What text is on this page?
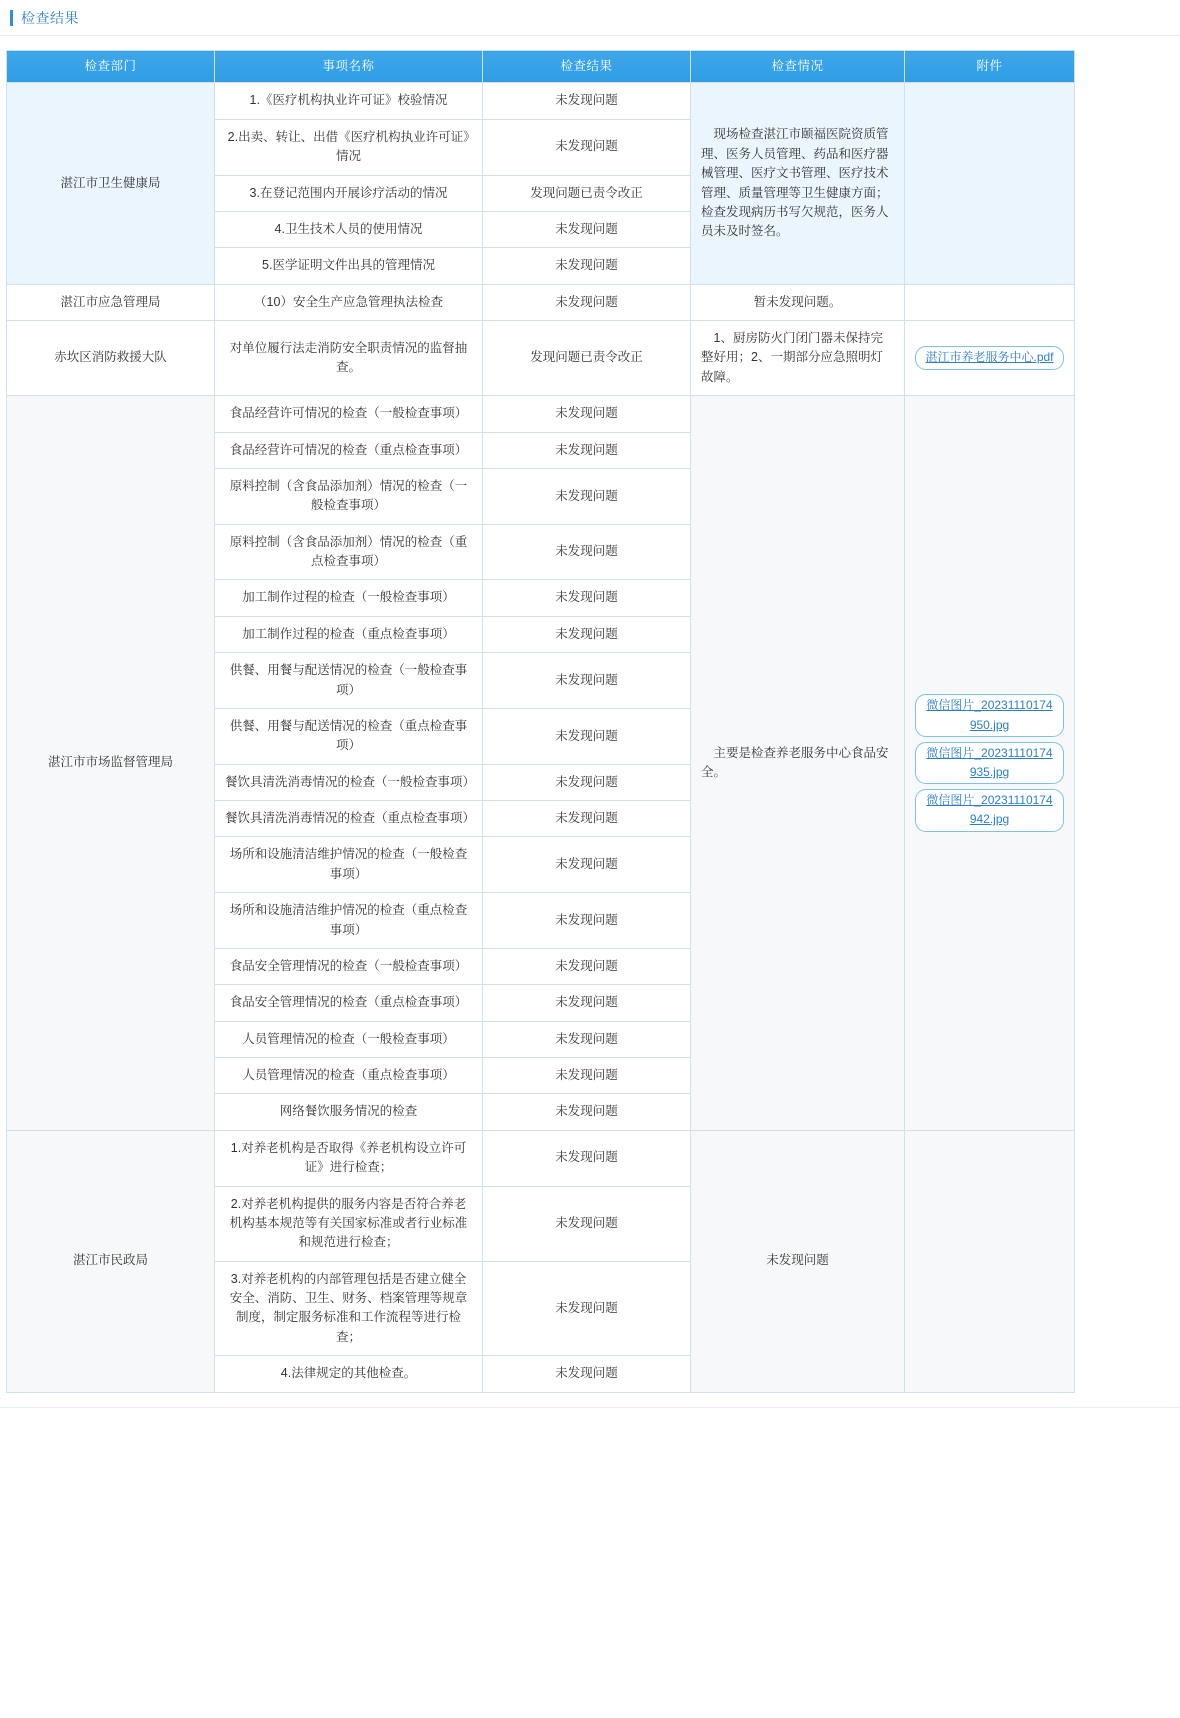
检查结果
检查部门	事项名称	检查结果	检查情况	附件
湛江市卫生健康局	1.《医疗机构执业许可证》校验情况	未发现问题	现场检查湛江市颐福医院资质管理、医务人员管理、药品和医疗器械管理、医疗文书管理、医疗技术管理、质量管理等卫生健康方面；检查发现病历书写欠规范，医务人员未及时签名。	

	2.出卖、转让、出借《医疗机构执业许可证》情况	未发现问题		
	3.在登记范围内开展诊疗活动的情况	发现问题已责令改正		
	4.卫生技术人员的使用情况	未发现问题		
	5.医学证明文件出具的管理情况	未发现问题		
湛江市应急管理局	（10）安全生产应急管理执法检查	未发现问题	暂未发现问题。	

赤坎区消防救援大队	对单位履行法走消防安全职责情况的监督抽查。	发现问题已责令改正	1、厨房防火门闭门器未保持完整好用；2、一期部分应急照明灯故障。	湛江市养老服务中心.pdf

湛江市市场监督管理局	食品经营许可情况的检查（一般检查事项）	未发现问题	主要是检查养老服务中心食品安全。	微信图片_20231110174950.jpg
微信图片_20231110174935.jpg
微信图片_20231110174942.jpg

	食品经营许可情况的检查（重点检查事项）	未发现问题		
	原料控制（含食品添加剂）情况的检查（一般检查事项）	未发现问题		
	原料控制（含食品添加剂）情况的检查（重点检查事项）	未发现问题		
	加工制作过程的检查（一般检查事项）	未发现问题		
	加工制作过程的检查（重点检查事项）	未发现问题		
	供餐、用餐与配送情况的检查（一般检查事项）	未发现问题		
	供餐、用餐与配送情况的检查（重点检查事项）	未发现问题		
	餐饮具清洗消毒情况的检查（一般检查事项）	未发现问题		
	餐饮具清洗消毒情况的检查（重点检查事项）	未发现问题		
	场所和设施清洁维护情况的检查（一般检查事项）	未发现问题		
	场所和设施清洁维护情况的检查（重点检查事项）	未发现问题		
	食品安全管理情况的检查（一般检查事项）	未发现问题		
	食品安全管理情况的检查（重点检查事项）	未发现问题		
	人员管理情况的检查（一般检查事项）	未发现问题		
	人员管理情况的检查（重点检查事项）	未发现问题		
	网络餐饮服务情况的检查	未发现问题		
湛江市民政局	1.对养老机构是否取得《养老机构设立许可证》进行检查；	未发现问题	未发现问题	

	2.对养老机构提供的服务内容是否符合养老机构基本规范等有关国家标准或者行业标准和规范进行检查；	未发现问题		
	3.对养老机构的内部管理包括是否建立健全安全、消防、卫生、财务、档案管理等规章制度，制定服务标准和工作流程等进行检查；	未发现问题		
	4.法律规定的其他检查。	未发现问题		
